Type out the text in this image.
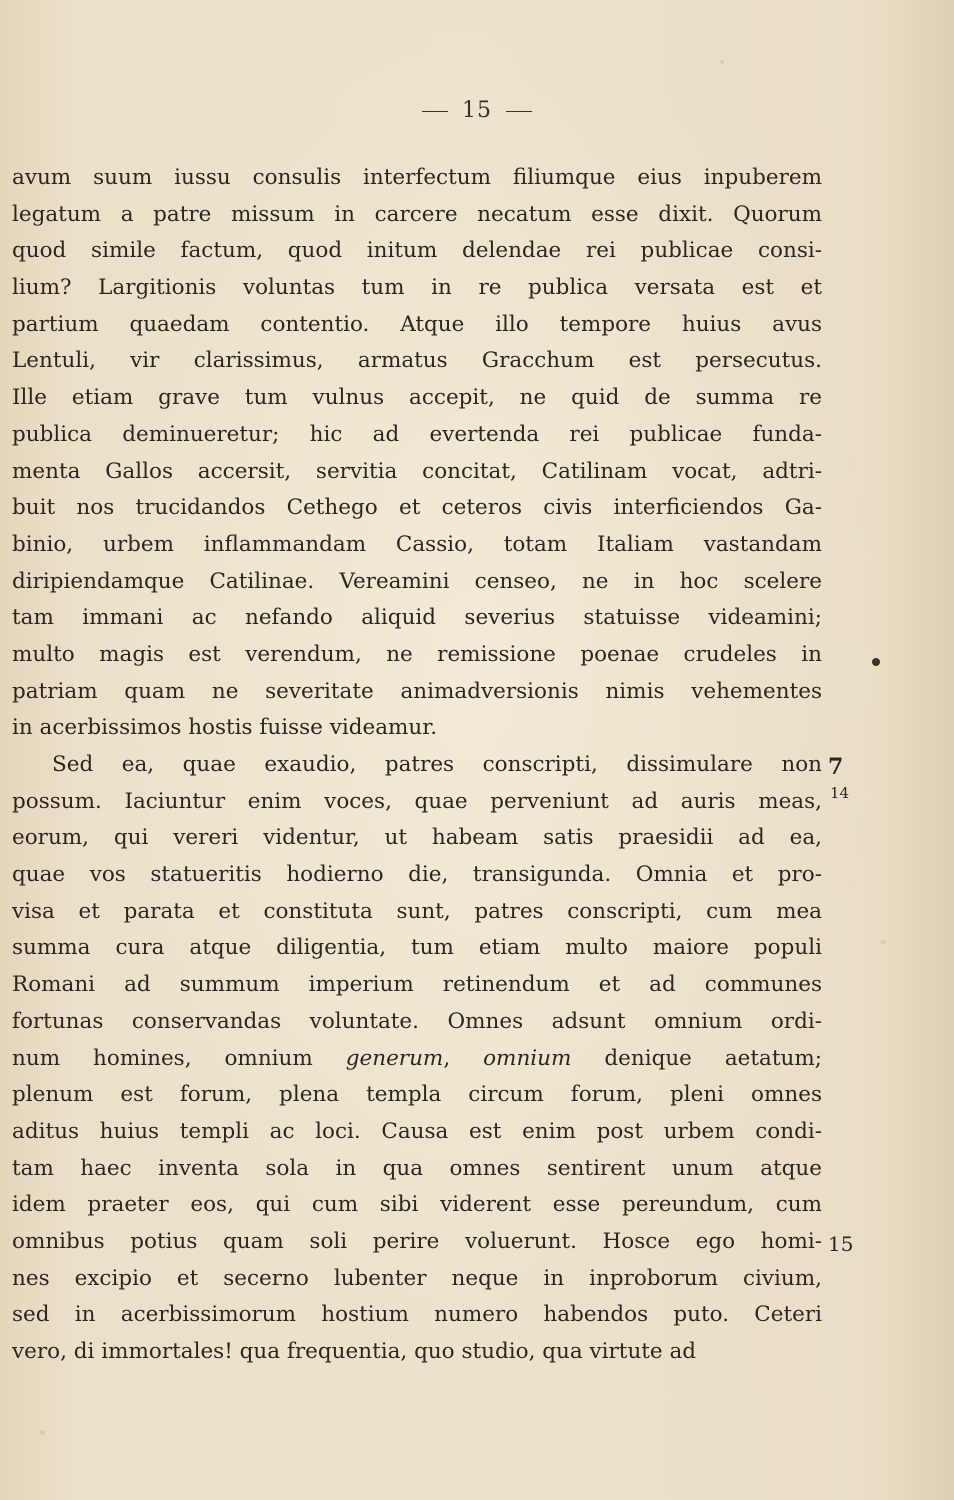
15
avum suum iussu consulis interfectum filiumque eius inpuberem
legatum a patre missum in carcere necatum esse dixit. Quorum
quod simile factum, quod initum delendae rei publicae consi-
lium? Largitionis voluntas tum in re publica versata est et
partium quaedam contentio. Atque illo tempore huius avus
Lentuli, vir clarissimus, armatus Gracchum est persecutus.
Ille etiam grave tum vulnus accepit, ne quid de summa re
publica deminueretur; hic ad evertenda rei publicae funda-
menta Gallos accersit, servitia concitat, Catilinam vocat, adtri-
buit nos trucidandos Cethego et ceteros civis interficiendos Ga-
binio, urbem inflammandam Cassio, totam Italiam vastandam
diripiendamque Catilinae. Vereamini censeo, ne in hoc scelere
tam immani ac nefando aliquid severius statuisse videamini;
multo magis est verendum, ne remissione poenae crudeles in
patriam quam ne severitate animadversionis nimis vehementes
in acerbissimos hostis fuisse videamur.
Sed ea, quae exaudio, patres conscripti, dissimulare non
possum. Iaciuntur enim voces, quae perveniunt ad auris meas,
eorum, qui vereri videntur, ut habeam satis praesidii ad ea,
quae vos statueritis hodierno die, transigunda. Omnia et pro-
visa et parata et constituta sunt, patres conscripti, cum mea
summa cura atque diligentia, tum etiam multo maiore populi
Romani ad summum imperium retinendum et ad communes
fortunas conservandas voluntate. Omnes adsunt omnium ordi-
num homines, omnium generum, omnium denique aetatum;
plenum est forum, plena templa circum forum, pleni omnes
aditus huius templi ac loci. Causa est enim post urbem condi-
tam haec inventa sola in qua omnes sentirent unum atque
idem praeter eos, qui cum sibi viderent esse pereundum, cum
omnibus potius quam soli perire voluerunt. Hosce ego homi-
nes excipio et secerno lubenter neque in inproborum civium,
sed in acerbissimorum hostium numero habendos puto. Ceteri
vero, di immortales! qua frequentia, quo studio, qua virtute ad
7
14
15
